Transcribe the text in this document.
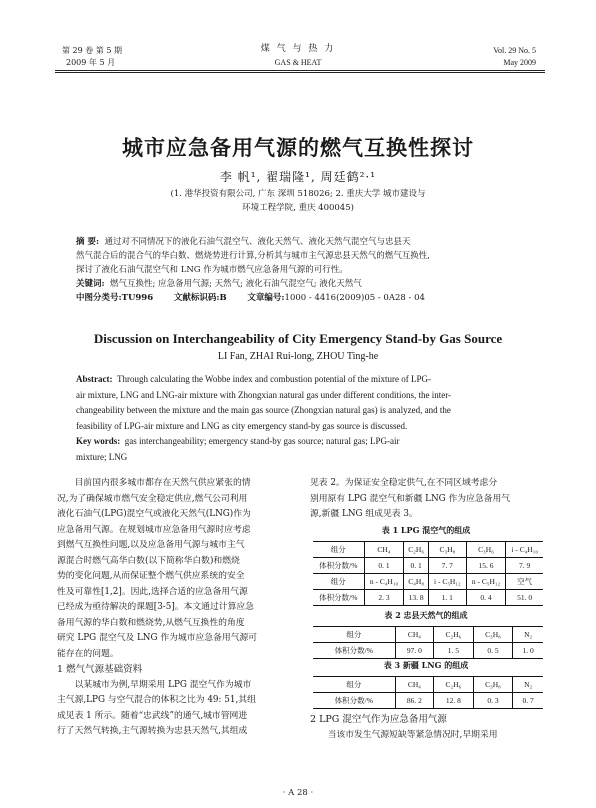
第 29 卷 第 5 期
2009 年 5 月
煤 气 与 热 力
GAS & HEAT
Vol. 29 No. 5
May 2009
城市应急备用气源的燃气互换性探讨
李 帆¹, 翟瑞隆¹, 周廷鹤²·¹
(1. 港华投资有限公司, 广东 深圳 518026; 2. 重庆大学 城市建设与
环境工程学院, 重庆 400045)
摘 要: 通过对不同情况下的液化石油气混空气、液化天然气、液化天然气混空气与忠县天
然气混合后的混合气的华白数、燃烧势进行计算,分析其与城市主气源忠县天然气的燃气互换性,
探讨了液化石油气混空气和 LNG 作为城市燃气应急备用气源的可行性。
关键词: 燃气互换性; 应急备用气源; 天然气; 液化石油气混空气; 液化天然气
中图分类号:TU996 文献标识码:B 文章编号:1000 - 4416(2009)05 - 0A28 - 04
Discussion on Interchangeability of City Emergency Stand-by Gas Source
LI Fan, ZHAI Rui-long, ZHOU Ting-he
Abstract: Through calculating the Wobbe index and combustion potential of the mixture of LPG-
air mixture, LNG and LNG-air mixture with Zhongxian natural gas under different conditions, the inter-
changeability between the mixture and the main gas source (Zhongxian natural gas) is analyzed, and the
feasibility of LPG-air mixture and LNG as city emergency stand-by gas source is discussed.
Key words: gas interchangeability; emergency stand-by gas source; natural gas; LPG-air
mixture; LNG
目前国内很多城市都存在天然气供应紧张的情
况,为了确保城市燃气安全稳定供应,燃气公司利用
液化石油气(LPG)混空气或液化天然气(LNG)作为
应急备用气源。在规划城市应急备用气源时应考虑
到燃气互换性问题,以及应急备用气源与城市主气
源混合时燃气高华白数(以下简称华白数)和燃烧
势的变化问题,从而保证整个燃气供应系统的安全
性及可靠性[1,2]。因此,选择合适的应急备用气源
已经成为亟待解决的课题[3-5]。本文通过计算应急
备用气源的华白数和燃烧势,从燃气互换性的角度
研究 LPG 混空气及 LNG 作为城市应急备用气源可
能存在的问题。
1 燃气气源基础资料
以某城市为例,早期采用 LPG 混空气作为城市
主气源,LPG 与空气混合的体积之比为 49: 51,其组
成见表 1 所示。随着“忠武线”的通气,城市管网进
行了天然气转换,主气源转换为忠县天然气,其组成
见表 2。为保证安全稳定供气,在不同区域考虑分
别用原有 LPG 混空气和新疆 LNG 作为应急备用气
源,新疆 LNG 组成见表 3。
表 1 LPG 混空气的组成
组分	CH₄	C₂H₆	C₃H₈	C₃H₆	i - C₄H₁₀
体积分数/%	0. 1	0. 1	7. 7	15. 6	7. 9
组分	n - C₄H₁₀	C₄H₈	i - C₅H₁₂	n - C₅H₁₂	空气
体积分数/%	2. 3	13. 8	1. 1	0. 4	51. 0
表 2 忠县天然气的组成
组分	CH₄	C₂H₆	C₃H₈	N₂
体积分数/%	97. 0	1. 5	0. 5	1. 0
表 3 新疆 LNG 的组成
组分	CH₄	C₂H₆	C₃H₈	N₂
体积分数/%	86. 2	12. 8	0. 3	0. 7
2 LPG 混空气作为应急备用气源
当该市发生气源短缺等紧急情况时,早期采用
· A 28 ·
